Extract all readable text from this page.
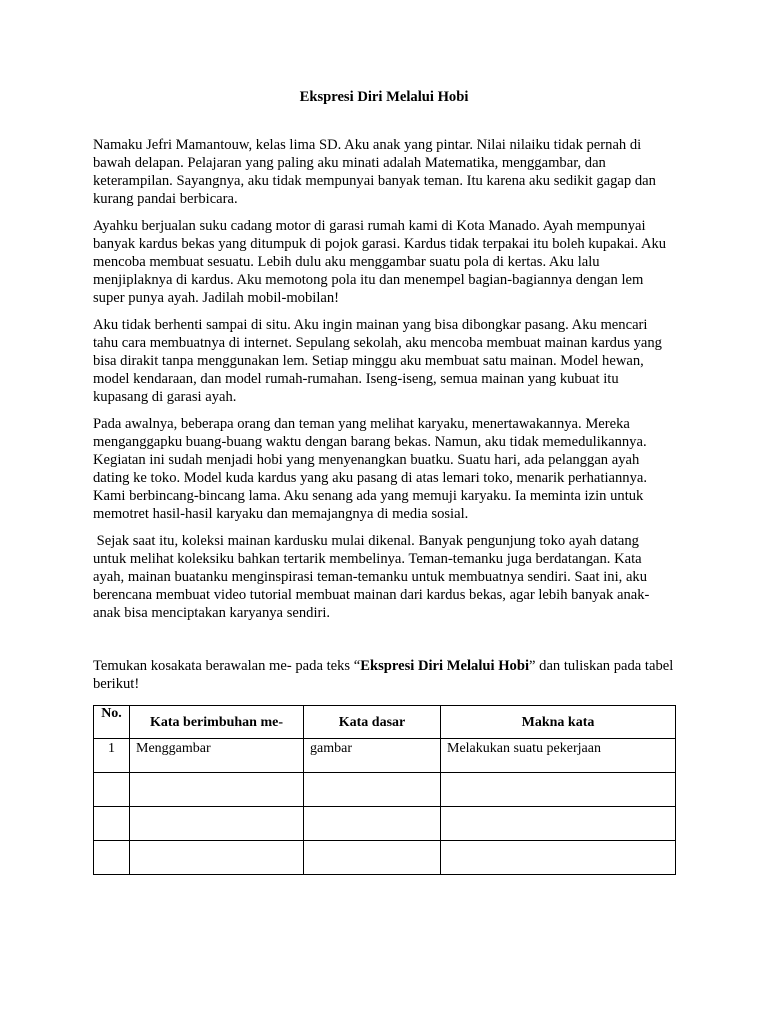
Ekspresi Diri Melalui Hobi

Namaku Jefri Mamantouw, kelas lima SD. Aku anak yang pintar. Nilai nilaiku tidak pernah di bawah delapan. Pelajaran yang paling aku minati adalah Matematika, menggambar, dan keterampilan. Sayangnya, aku tidak mempunyai banyak teman. Itu karena aku sedikit gagap dan kurang pandai berbicara.

Ayahku berjualan suku cadang motor di garasi rumah kami di Kota Manado. Ayah mempunyai banyak kardus bekas yang ditumpuk di pojok garasi. Kardus tidak terpakai itu boleh kupakai. Aku mencoba membuat sesuatu. Lebih dulu aku menggambar suatu pola di kertas. Aku lalu menjiplaknya di kardus. Aku memotong pola itu dan menempel bagian-bagiannya dengan lem super punya ayah. Jadilah mobil-mobilan!

Aku tidak berhenti sampai di situ. Aku ingin mainan yang bisa dibongkar pasang. Aku mencari tahu cara membuatnya di internet. Sepulang sekolah, aku mencoba membuat mainan kardus yang bisa dirakit tanpa menggunakan lem. Setiap minggu aku membuat satu mainan. Model hewan, model kendaraan, dan model rumah-rumahan. Iseng-iseng, semua mainan yang kubuat itu kupasang di garasi ayah.

Pada awalnya, beberapa orang dan teman yang melihat karyaku, menertawakannya. Mereka menganggapku buang-buang waktu dengan barang bekas. Namun, aku tidak memedulikannya. Kegiatan ini sudah menjadi hobi yang menyenangkan buatku. Suatu hari, ada pelanggan ayah dating ke toko. Model kuda kardus yang aku pasang di atas lemari toko, menarik perhatiannya. Kami berbincang-bincang lama. Aku senang ada yang memuji karyaku. Ia meminta izin untuk memotret hasil-hasil karyaku dan memajangnya di media sosial.

Sejak saat itu, koleksi mainan kardusku mulai dikenal. Banyak pengunjung toko ayah datang untuk melihat koleksiku bahkan tertarik membelinya. Teman-temanku juga berdatangan. Kata ayah, mainan buatanku menginspirasi teman-temanku untuk membuatnya sendiri. Saat ini, aku berencana membuat video tutorial membuat mainan dari kardus bekas, agar lebih banyak anak-anak bisa menciptakan karyanya sendiri.

Temukan kosakata berawalan me- pada teks “Ekspresi Diri Melalui Hobi” dan tuliskan pada tabel berikut!

No.	Kata berimbuhan me-	Kata dasar	Makna kata
1	Menggambar	gambar	Melakukan suatu pekerjaan
